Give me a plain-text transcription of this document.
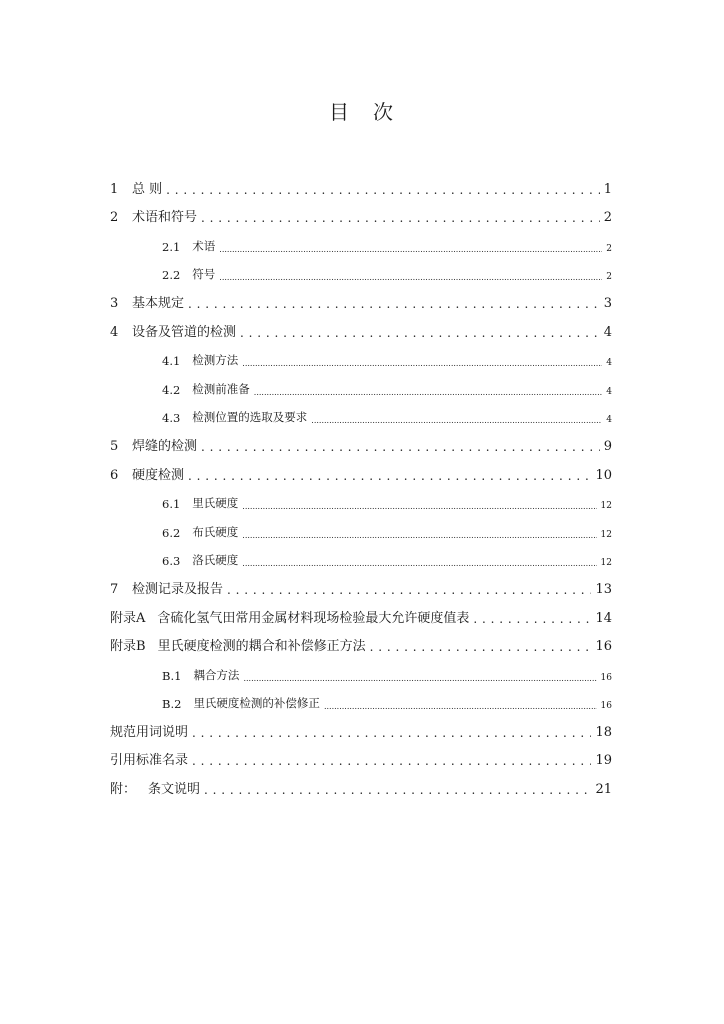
目　次
1 总 则 . . .	1
2 术语和符号 . . .	2
2.1 术语 .....	2
2.2 符号 .....	2
3 基本规定 . . .	3
4 设备及管道的检测 . . .	4
4.1 检测方法 .....	4
4.2 检测前准备 .....	4
4.3 检测位置的选取及要求 .....	4
5 焊缝的检测 . . .	9
6 硬度检测 . . .	10
6.1 里氏硬度 .....	12
6.2 布氏硬度 .....	12
6.3 洛氏硬度 .....	12
7 检测记录及报告 . . .	13
附录A 含硫化氢气田常用金属材料现场检验最大允许硬度值表 . . .	14
附录B 里氏硬度检测的耦合和补偿修正方法 . . .	16
B.1 耦合方法 .....	16
B.2 里氏硬度检测的补偿修正 .....	16
规范用词说明 . . .	18
引用标准名录 . . .	19
附： 条文说明 . . .	21
